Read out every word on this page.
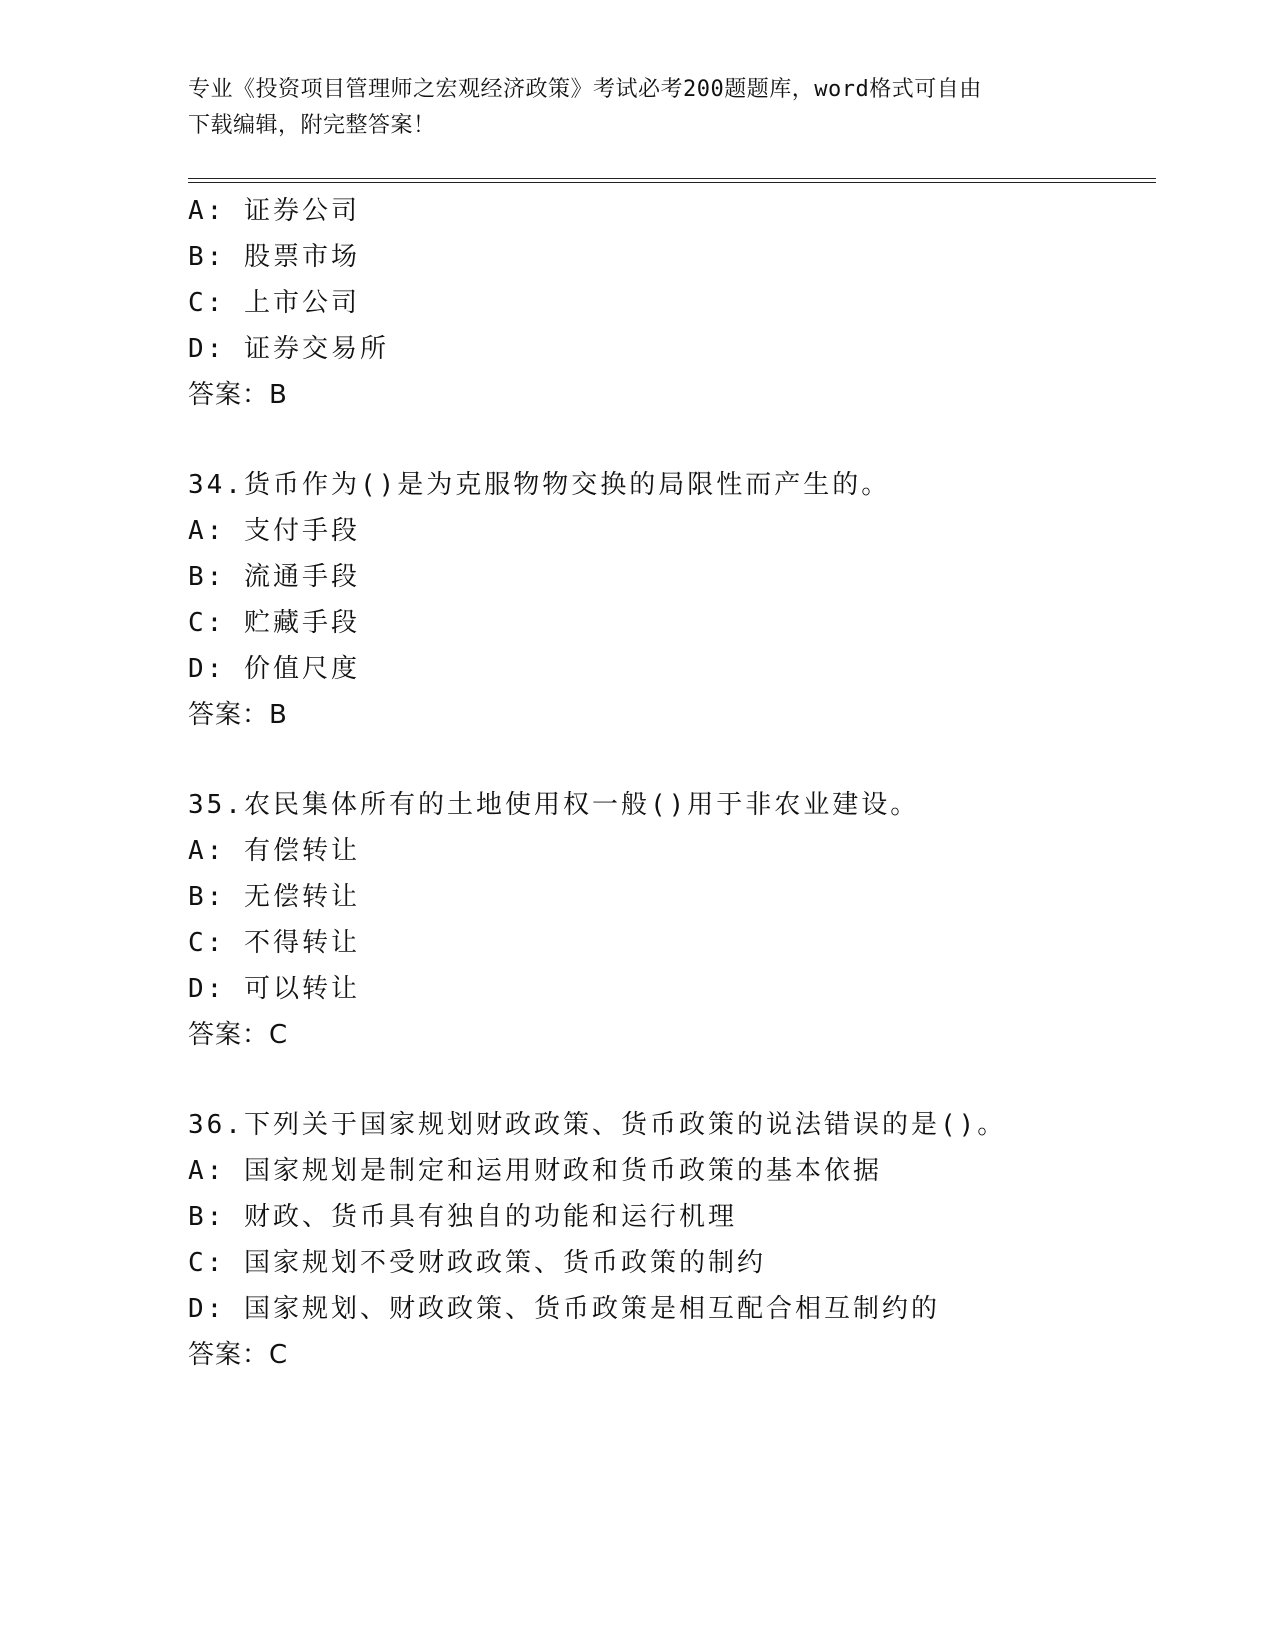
专业《投资项目管理师之宏观经济政策》考试必考200题题库，word格式可自由

下载编辑，附完整答案！

A: 证券公司
B: 股票市场
C: 上市公司
D: 证券交易所
答案：B
34.货币作为()是为克服物物交换的局限性而产生的。
A: 支付手段
B: 流通手段
C: 贮藏手段
D: 价值尺度
答案：B
35.农民集体所有的土地使用权一般()用于非农业建设。
A: 有偿转让
B: 无偿转让
C: 不得转让
D: 可以转让
答案：C
36.下列关于国家规划财政政策、货币政策的说法错误的是()。
A: 国家规划是制定和运用财政和货币政策的基本依据
B: 财政、货币具有独自的功能和运行机理
C: 国家规划不受财政政策、货币政策的制约
D: 国家规划、财政政策、货币政策是相互配合相互制约的
答案：C
